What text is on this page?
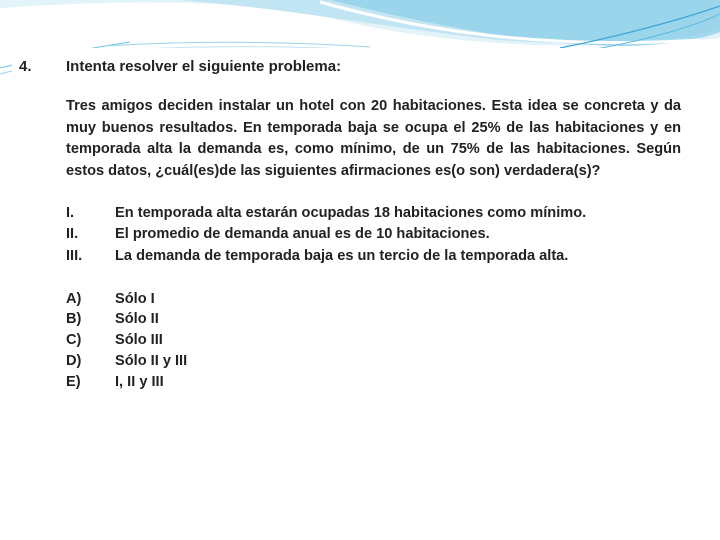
4. Intenta resolver el siguiente problema:
Tres amigos deciden instalar un hotel con 20 habitaciones. Esta idea se concreta y da muy buenos resultados. En temporada baja se ocupa el 25% de las habitaciones y en temporada alta la demanda es, como mínimo, de un 75% de las habitaciones. Según estos datos, ¿cuál(es)de las siguientes afirmaciones es(o son) verdadera(s)?
I.	En temporada alta estarán ocupadas 18 habitaciones como mínimo.
II.	El promedio de demanda anual es de 10 habitaciones.
III. La demanda de temporada baja es un tercio de la temporada alta.
A) Sólo I
B) Sólo II
C) Sólo III
D) Sólo II y III
E) I, II y III
